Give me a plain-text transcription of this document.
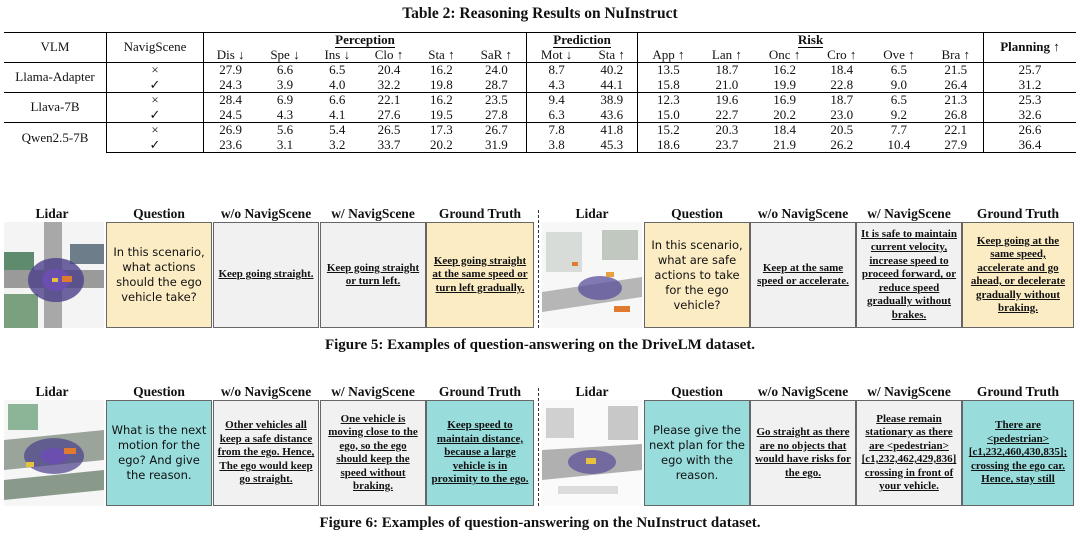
Table 2: Reasoning Results on NuInstruct
VLM	NavigScene	Perception						Prediction		Risk						Planning ↑
		Dis ↓	Spe ↓	Ins ↓	Clo ↑	Sta ↑	SaR ↑	Mot ↓	Sta ↑	App ↑	Lan ↑	Onc ↑	Cro ↑	Ove ↑	Bra ↑	
Llama-Adapter	×	27.9	6.6	6.5	20.4	16.2	24.0	8.7	40.2	13.5	18.7	16.2	18.4	6.5	21.5	25.7
	✓	24.3	3.9	4.0	32.2	19.8	28.7	4.3	44.1	15.8	21.0	19.9	22.8	9.0	26.4	31.2
Llava-7B	×	28.4	6.9	6.6	22.1	16.2	23.5	9.4	38.9	12.3	19.6	16.9	18.7	6.5	21.3	25.3
	✓	24.5	4.3	4.1	27.6	19.5	27.8	6.3	43.6	15.0	22.7	20.2	23.0	9.2	26.8	32.6
Qwen2.5-7B	×	26.9	5.6	5.4	26.5	17.3	26.7	7.8	41.8	15.2	20.3	18.4	20.5	7.7	22.1	26.6
	✓	23.6	3.1	3.2	33.7	20.2	31.9	3.8	45.3	18.6	23.7	21.9	26.2	10.4	27.9	36.4
Lidar	Question	w/o NavigScene	w/ NavigScene	Ground Truth
In this scenario, what actions should the ego vehicle take?
Keep going straight.
Keep going straight or turn left.
Keep going straight at the same speed or turn left gradually.
Lidar	Question	w/o NavigScene	w/ NavigScene	Ground Truth
In this scenario, what are safe actions to take for the ego vehicle?
Keep at the same speed or accelerate.
It is safe to maintain current velocity, increase speed to proceed forward, or reduce speed gradually without brakes.
Keep going at the same speed, accelerate and go ahead, or decelerate gradually without braking.
Figure 5: Examples of question-answering on the DriveLM dataset.
Lidar	Question	w/o NavigScene	w/ NavigScene	Ground Truth
What is the next motion for the ego? And give the reason.
Other vehicles all keep a safe distance from the ego. Hence, The ego would keep go straight.
One vehicle is moving close to the ego, so the ego should keep the speed without braking.
Keep speed to maintain distance, because a large vehicle is in proximity to the ego.
Lidar	Question	w/o NavigScene	w/ NavigScene	Ground Truth
Please give the next plan for the ego with the reason.
Go straight as there are no objects that would have risks for the ego.
Please remain stationary as there are <pedestrian> [c1,232,462,429,836] crossing in front of your vehicle.
There are <pedestrian> [c1,232,460,430,835]; crossing the ego car. Hence, stay still
Figure 6: Examples of question-answering on the NuInstruct dataset.
